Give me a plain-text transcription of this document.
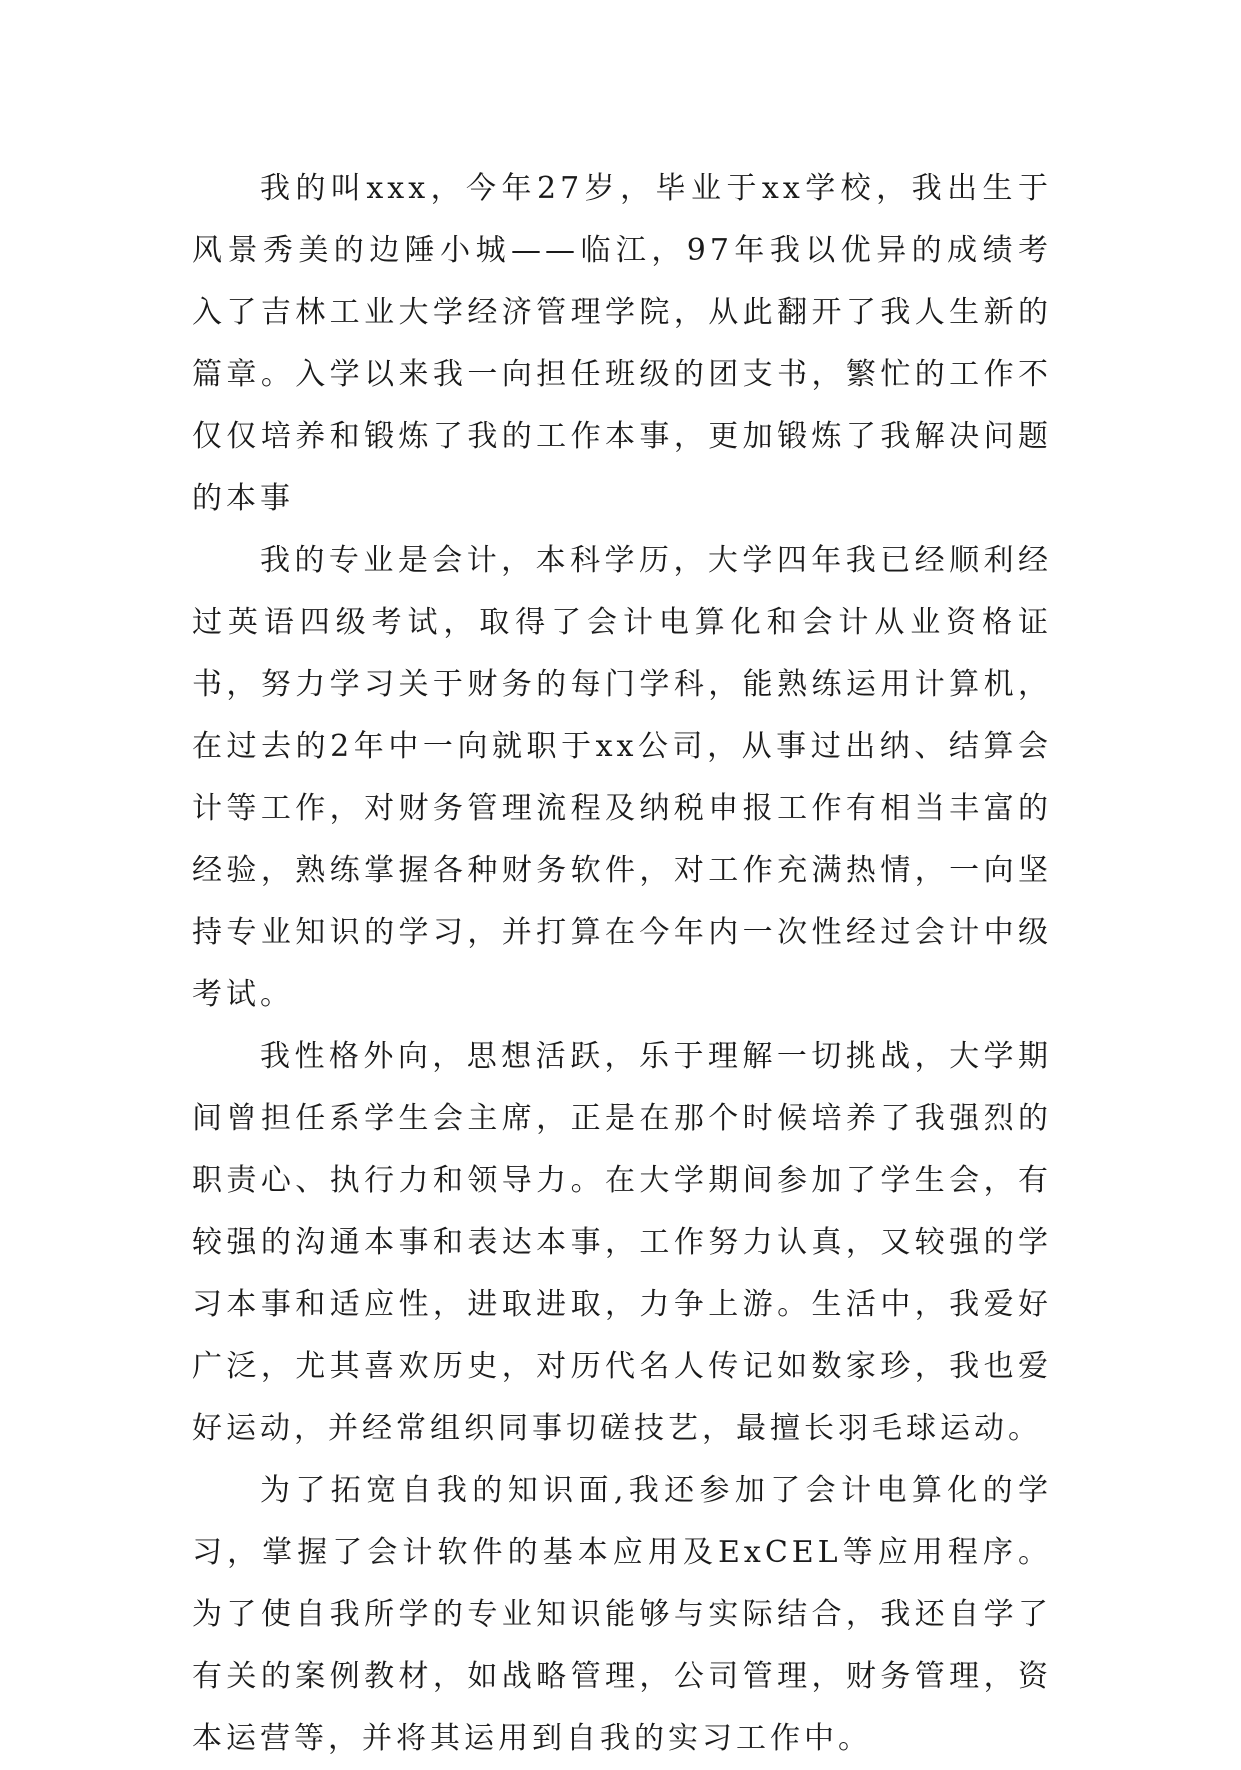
我的叫xxx，今年27岁，毕业于xx学校，我出生于风景秀美的边陲小城——临江，97年我以优异的成绩考入了吉林工业大学经济管理学院，从此翻开了我人生新的篇章。入学以来我一向担任班级的团支书，繁忙的工作不仅仅培养和锻炼了我的工作本事，更加锻炼了我解决问题的本事

我的专业是会计，本科学历，大学四年我已经顺利经过英语四级考试，取得了会计电算化和会计从业资格证书，努力学习关于财务的每门学科，能熟练运用计算机，在过去的2年中一向就职于xx公司，从事过出纳、结算会计等工作，对财务管理流程及纳税申报工作有相当丰富的经验，熟练掌握各种财务软件，对工作充满热情，一向坚持专业知识的学习，并打算在今年内一次性经过会计中级考试。

我性格外向，思想活跃，乐于理解一切挑战，大学期间曾担任系学生会主席，正是在那个时候培养了我强烈的职责心、执行力和领导力。在大学期间参加了学生会，有较强的沟通本事和表达本事，工作努力认真，又较强的学习本事和适应性，进取进取，力争上游。生活中，我爱好广泛，尤其喜欢历史，对历代名人传记如数家珍，我也爱好运动，并经常组织同事切磋技艺，最擅长羽毛球运动。

为了拓宽自我的知识面,我还参加了会计电算化的学习，掌握了会计软件的基本应用及ExCEL等应用程序。为了使自我所学的专业知识能够与实际结合，我还自学了有关的案例教材，如战略管理，公司管理，财务管理，资本运营等，并将其运用到自我的实习工作中。
